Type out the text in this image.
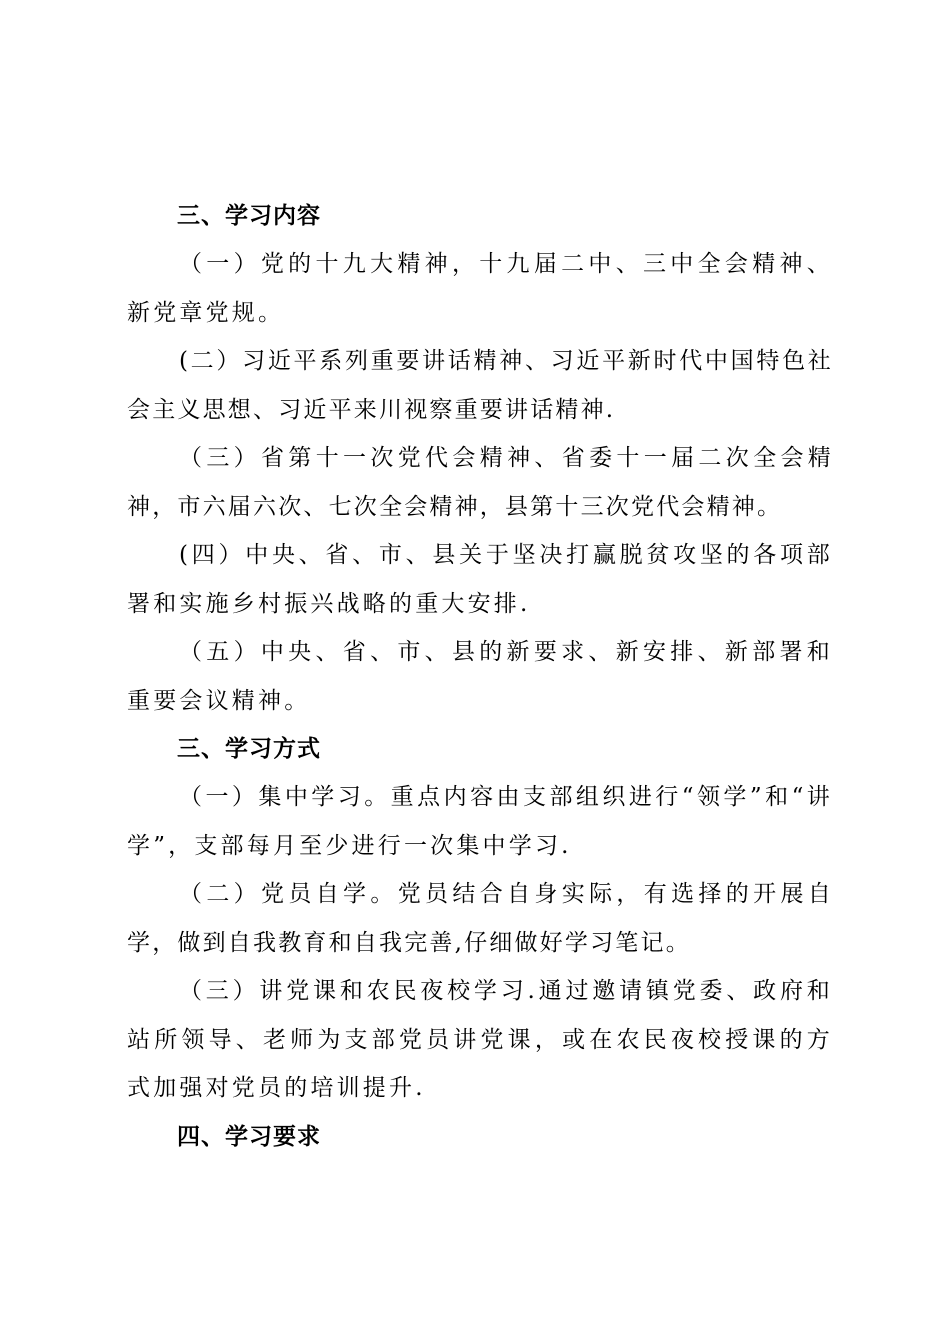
三、学习内容

（一）党的十九大精神，十九届二中、三中全会精神、新党章党规。

(二）习近平系列重要讲话精神、习近平新时代中国特色社会主义思想、习近平来川视察重要讲话精神.

（三）省第十一次党代会精神、省委十一届二次全会精神，市六届六次、七次全会精神，县第十三次党代会精神。

(四）中央、省、市、县关于坚决打赢脱贫攻坚的各项部署和实施乡村振兴战略的重大安排.

（五）中央、省、市、县的新要求、新安排、新部署和重要会议精神。

三、学习方式

（一）集中学习。重点内容由支部组织进行“领学”和“讲学”，支部每月至少进行一次集中学习.

（二）党员自学。党员结合自身实际，有选择的开展自学，做到自我教育和自我完善,仔细做好学习笔记。

（三）讲党课和农民夜校学习.通过邀请镇党委、政府和站所领导、老师为支部党员讲党课，或在农民夜校授课的方式加强对党员的培训提升.

四、学习要求
